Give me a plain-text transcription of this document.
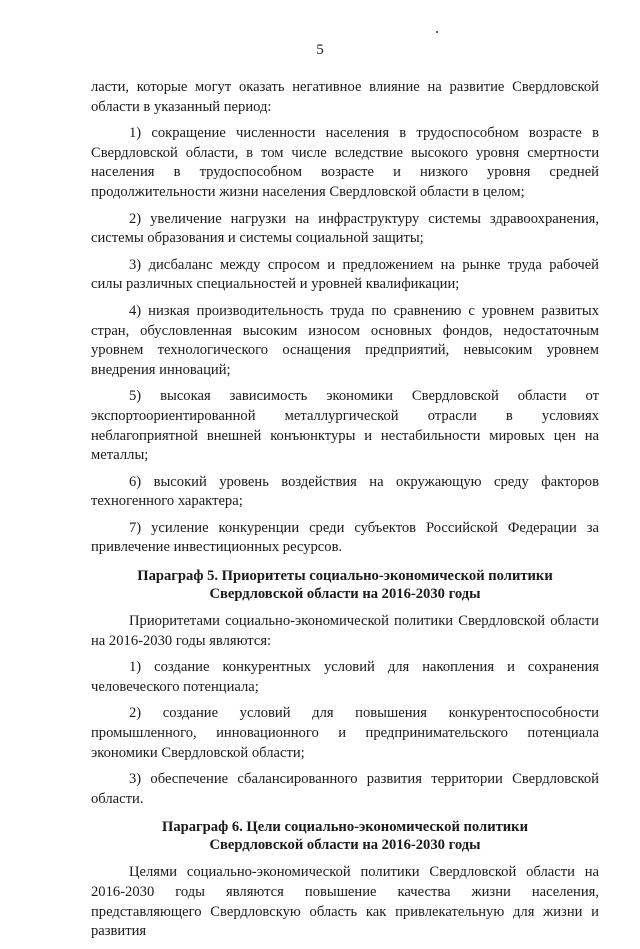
5

ласти, которые могут оказать негативное влияние на развитие Свердловской области в указанный период:

1) сокращение численности населения в трудоспособном возрасте в Свердловской области, в том числе вследствие высокого уровня смертности населения в трудоспособном возрасте и низкого уровня средней продолжительности жизни населения Свердловской области в целом;

2) увеличение нагрузки на инфраструктуру системы здравоохранения, системы образования и системы социальной защиты;

3) дисбаланс между спросом и предложением на рынке труда рабочей силы различных специальностей и уровней квалификации;

4) низкая производительность труда по сравнению с уровнем развитых стран, обусловленная высоким износом основных фондов, недостаточным уровнем технологического оснащения предприятий, невысоким уровнем внедрения инноваций;

5) высокая зависимость экономики Свердловской области от экспортоориентированной металлургической отрасли в условиях неблагоприятной внешней конъюнктуры и нестабильности мировых цен на металлы;

6) высокий уровень воздействия на окружающую среду факторов техногенного характера;

7) усиление конкуренции среди субъектов Российской Федерации за привлечение инвестиционных ресурсов.

Параграф 5. Приоритеты социально-экономической политики
Свердловской области на 2016-2030 годы

Приоритетами социально-экономической политики Свердловской области на 2016-2030 годы являются:

1) создание конкурентных условий для накопления и сохранения человеческого потенциала;

2) создание условий для повышения конкурентоспособности промышленного, инновационного и предпринимательского потенциала экономики Свердловской области;

3) обеспечение сбалансированного развития территории Свердловской области.

Параграф 6. Цели социально-экономической политики
Свердловской области на 2016-2030 годы

Целями социально-экономической политики Свердловской области на 2016-2030 годы являются повышение качества жизни населения, представляющего Свердловскую область как привлекательную для жизни и развития
